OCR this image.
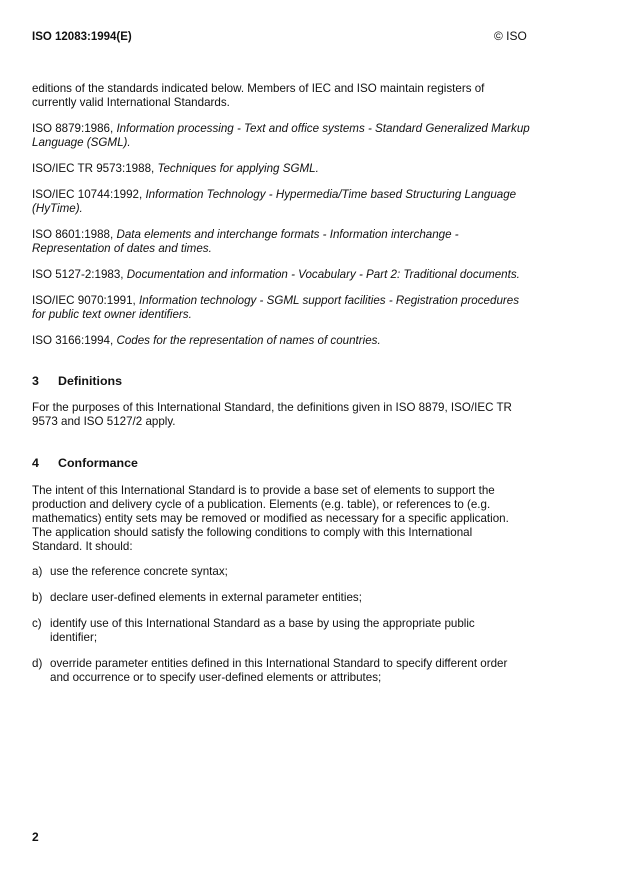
ISO 12083:1994(E)	© ISO

editions of the standards indicated below. Members of IEC and ISO maintain registers of currently valid International Standards.

ISO 8879:1986, Information processing - Text and office systems - Standard Generalized Markup Language (SGML).

ISO/IEC TR 9573:1988, Techniques for applying SGML.

ISO/IEC 10744:1992, Information Technology - Hypermedia/Time based Structuring Language (HyTime).

ISO 8601:1988, Data elements and interchange formats - Information interchange - Representation of dates and times.

ISO 5127-2:1983, Documentation and information - Vocabulary - Part 2: Traditional documents.

ISO/IEC 9070:1991, Information technology - SGML support facilities - Registration procedures for public text owner identifiers.

ISO 3166:1994, Codes for the representation of names of countries.

3 Definitions

For the purposes of this International Standard, the definitions given in ISO 8879, ISO/IEC TR 9573 and ISO 5127/2 apply.

4 Conformance

The intent of this International Standard is to provide a base set of elements to support the production and delivery cycle of a publication. Elements (e.g. table), or references to (e.g. mathematics) entity sets may be removed or modified as necessary for a specific application. The application should satisfy the following conditions to comply with this International Standard. It should:

a) use the reference concrete syntax;
b) declare user-defined elements in external parameter entities;
c) identify use of this International Standard as a base by using the appropriate public identifier;
d) override parameter entities defined in this International Standard to specify different order and occurrence or to specify user-defined elements or attributes;
2
